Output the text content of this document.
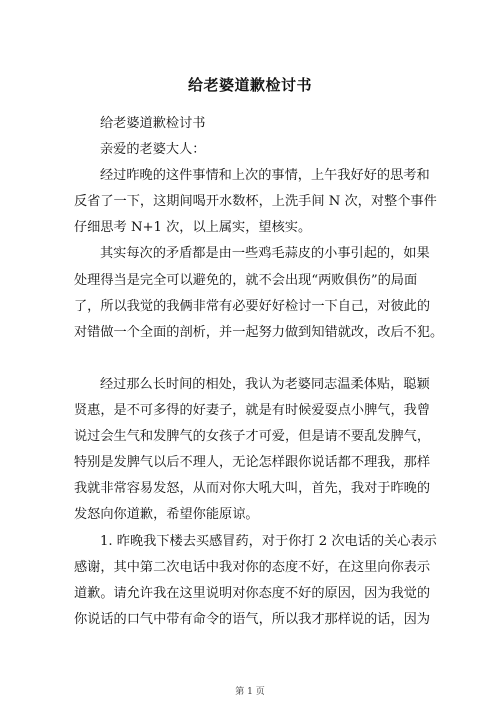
给老婆道歉检讨书
给老婆道歉检讨书
亲爱的老婆大人：
经过昨晚的这件事情和上次的事情，上午我好好的思考和
反省了一下，这期间喝开水数杯，上洗手间 N 次，对整个事件
仔细思考 N+1 次，以上属实，望核实。
其实每次的矛盾都是由一些鸡毛蒜皮的小事引起的，如果
处理得当是完全可以避免的，就不会出现“两败俱伤”的局面
了，所以我觉的我俩非常有必要好好检讨一下自己，对彼此的
对错做一个全面的剖析，并一起努力做到知错就改，改后不犯。
经过那么长时间的相处，我认为老婆同志温柔体贴，聪颖
贤惠，是不可多得的好妻子，就是有时候爱耍点小脾气，我曾
说过会生气和发脾气的女孩子才可爱，但是请不要乱发脾气，
特别是发脾气以后不理人，无论怎样跟你说话都不理我，那样
我就非常容易发怒，从而对你大吼大叫，首先，我对于昨晚的
发怒向你道歉，希望你能原谅。
1. 昨晚我下楼去买感冒药，对于你打 2 次电话的关心表示
感谢，其中第二次电话中我对你的态度不好，在这里向你表示
道歉。请允许我在这里说明对你态度不好的原因，因为我觉的
你说话的口气中带有命令的语气，所以我才那样说的话，因为
第 1 页
